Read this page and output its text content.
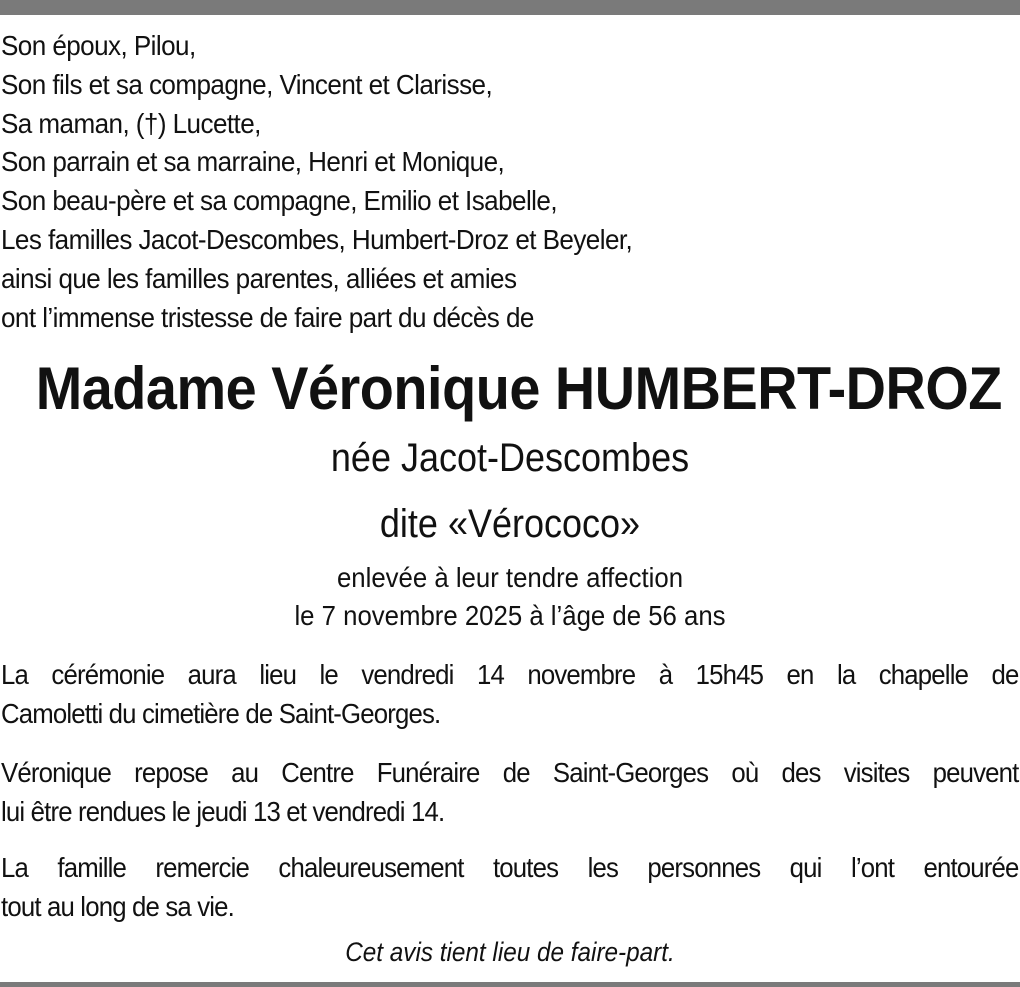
Son époux, Pilou,
Son fils et sa compagne, Vincent et Clarisse,
Sa maman, (†) Lucette,
Son parrain et sa marraine, Henri et Monique,
Son beau-père et sa compagne, Emilio et Isabelle,
Les familles Jacot-Descombes, Humbert-Droz et Beyeler,
ainsi que les familles parentes, alliées et amies
ont l’immense tristesse de faire part du décès de
Madame Véronique HUMBERT-DROZ
née Jacot-Descombes
dite «Vérococo»
enlevée à leur tendre affection
le 7 novembre 2025 à l’âge de 56 ans
La cérémonie aura lieu le vendredi 14 novembre à 15h45 en la chapelle de
Camoletti du cimetière de Saint-Georges.
Véronique repose au Centre Funéraire de Saint-Georges où des visites peuvent
lui être rendues le jeudi 13 et vendredi 14.
La famille remercie chaleureusement toutes les personnes qui l’ont entourée
tout au long de sa vie.
Cet avis tient lieu de faire-part.
